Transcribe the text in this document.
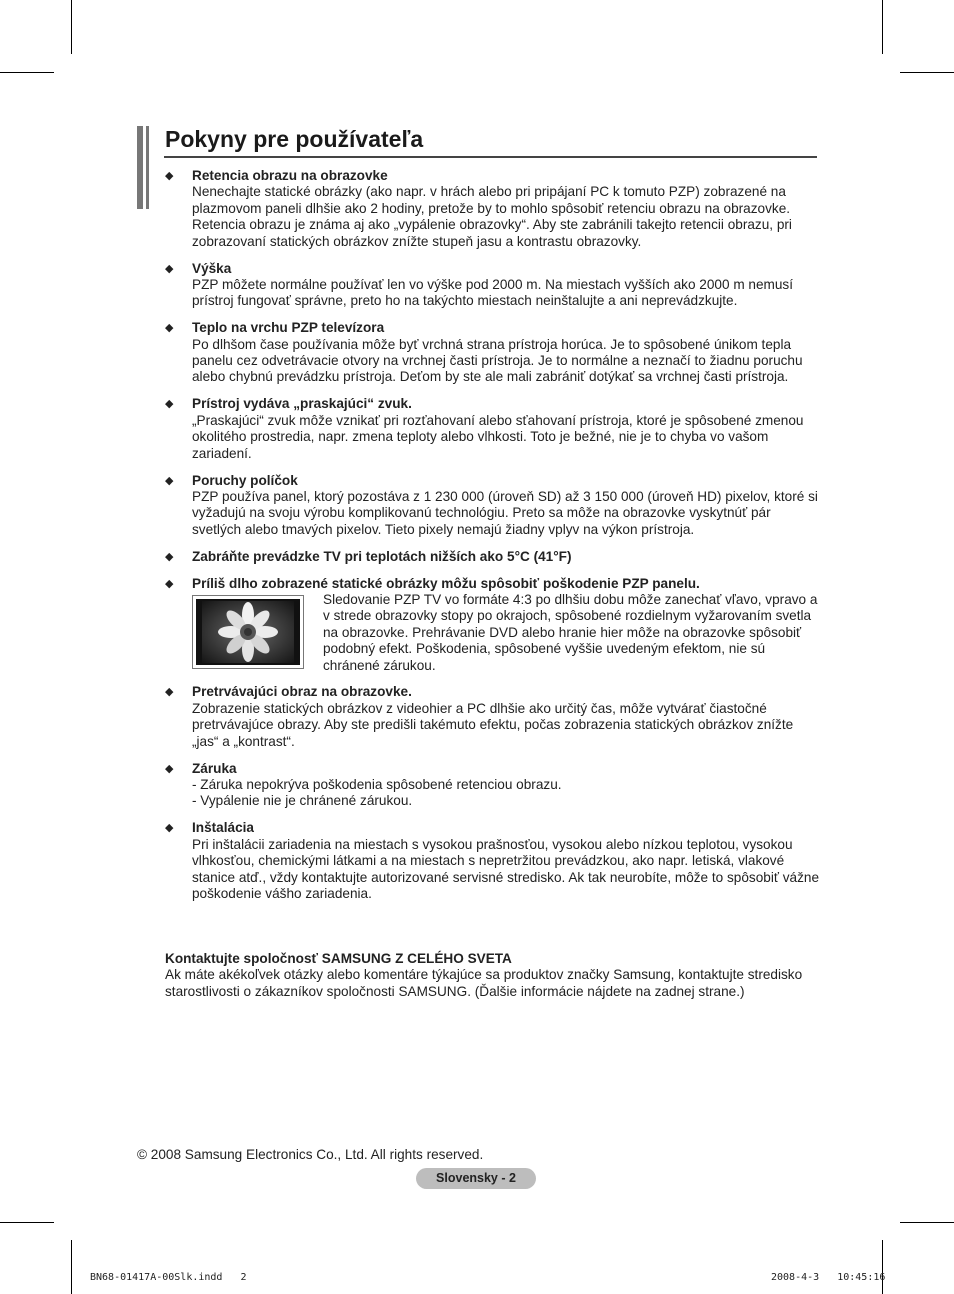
Pokyny pre používateľa
◆ Retencia obrazu na obrazovke

Nenechajte statické obrázky (ako napr. v hrách alebo pri pripájaní PC k tomuto PZP) zobrazené na plazmovom paneli dlhšie ako 2 hodiny, pretože by to mohlo spôsobiť retenciu obrazu na obrazovke. Retencia obrazu je známa aj ako „vypálenie obrazovky“. Aby ste zabránili takejto retencii obrazu, pri zobrazovaní statických obrázkov znížte stupeň jasu a kontrastu obrazovky.

◆ Výška

PZP môžete normálne používať len vo výške pod 2000 m. Na miestach vyšších ako 2000 m nemusí prístroj fungovať správne, preto ho na takýchto miestach neinštalujte a ani neprevádzkujte.

◆ Teplo na vrchu PZP televízora

Po dlhšom čase používania môže byť vrchná strana prístroja horúca. Je to spôsobené únikom tepla panelu cez odvetrávacie otvory na vrchnej časti prístroja. Je to normálne a neznačí to žiadnu poruchu alebo chybnú prevádzku prístroja. Deťom by ste ale mali zabrániť dotýkať sa vrchnej časti prístroja.

◆ Prístroj vydáva „praskajúci“ zvuk.

„Praskajúci“ zvuk môže vznikať pri rozťahovaní alebo sťahovaní prístroja, ktoré je spôsobené zmenou okolitého prostredia, napr. zmena teploty alebo vlhkosti. Toto je bežné, nie je to chyba vo vašom zariadení.

◆ Poruchy políčok

PZP používa panel, ktorý pozostáva z 1 230 000 (úroveň SD) až 3 150 000 (úroveň HD) pixelov, ktoré si vyžadujú na svoju výrobu komplikovanú technológiu. Preto sa môže na obrazovke vyskytnúť pár svetlých alebo tmavých pixelov. Tieto pixely nemajú žiadny vplyv na výkon prístroja.

◆ Zabráňte prevádzke TV pri teplotách nižších ako 5°C (41°F)
◆ Príliš dlho zobrazené statické obrázky môžu spôsobiť poškodenie PZP panelu.
Sledovanie PZP TV vo formáte 4:3 po dlhšiu dobu môže zanechať vľavo, vpravo a v strede obrazovky stopy po okrajoch, spôsobené rozdielnym vyžarovaním svetla na obrazovke. Prehrávanie DVD alebo hranie hier môže na obrazovke spôsobiť podobný efekt. Poškodenia, spôsobené vyššie uvedeným efektom, nie sú chránené zárukou.
◆ Pretrvávajúci obraz na obrazovke.

Zobrazenie statických obrázkov z videohier a PC dlhšie ako určitý čas, môže vytvárať čiastočné pretrvávajúce obrazy. Aby ste predišli takémuto efektu, počas zobrazenia statických obrázkov znížte „jas“ a „kontrast“.

◆ Záruka

- Záruka nepokrýva poškodenia spôsobené retenciou obrazu.

- Vypálenie nie je chránené zárukou.

◆ Inštalácia

Pri inštalácii zariadenia na miestach s vysokou prašnosťou, vysokou alebo nízkou teplotou, vysokou vlhkosťou, chemickými látkami a na miestach s nepretržitou prevádzkou, ako napr. letiská, vlakové stanice atď., vždy kontaktujte autorizované servisné stredisko. Ak tak neurobíte, môže to spôsobiť vážne poškodenie vášho zariadenia.

Kontaktujte spoločnosť SAMSUNG Z CELÉHO SVETA
Ak máte akékoľvek otázky alebo komentáre týkajúce sa produktov značky Samsung, kontaktujte stredisko starostlivosti o zákazníkov spoločnosti SAMSUNG. (Ďalšie informácie nájdete na zadnej strane.)
© 2008 Samsung Electronics Co., Ltd. All rights reserved.
Slovensky - 2
BN68-01417A-00Slk.indd   2	2008-4-3   10:45:16
